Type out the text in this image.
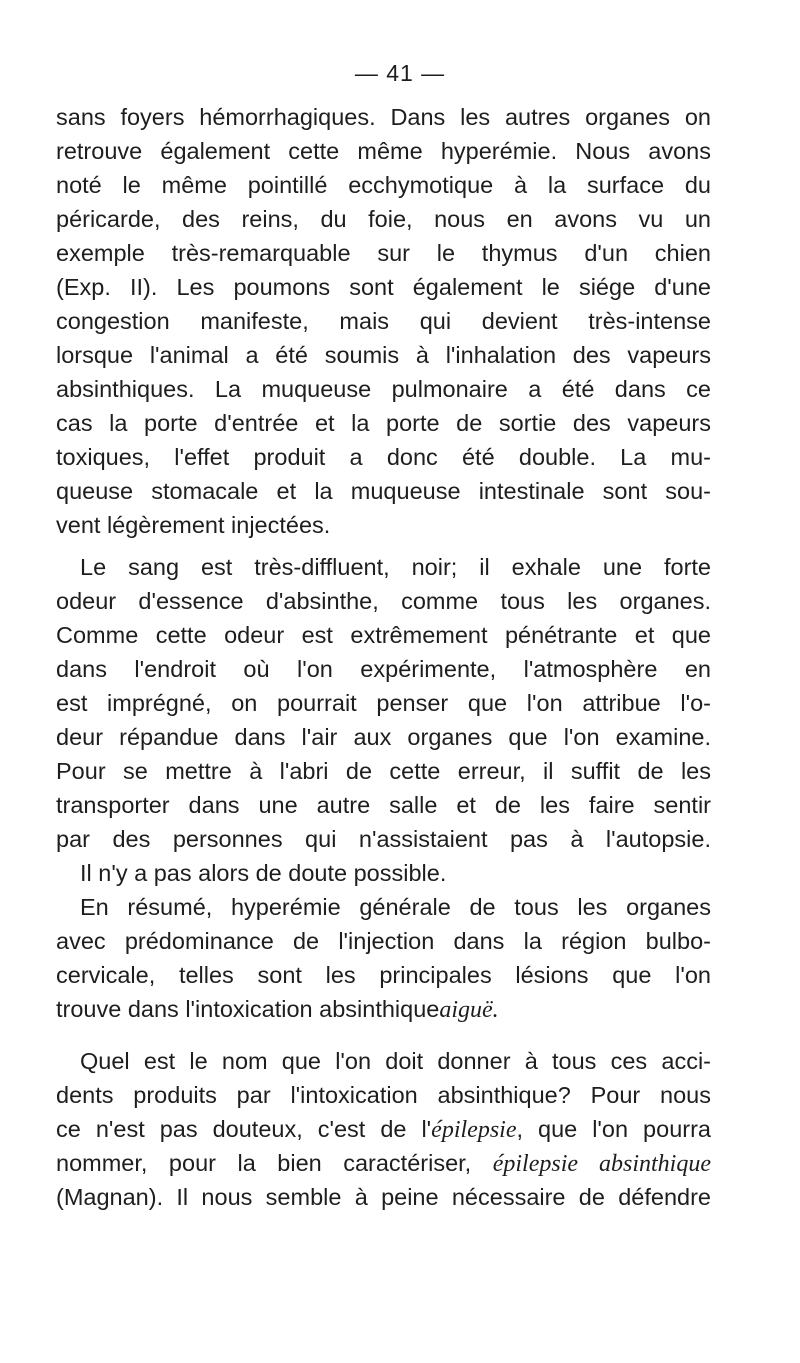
— 41 —
sans foyers hémorrhagiques. Dans les autres organes on
retrouve également cette même hyperémie. Nous avons
noté le même pointillé ecchymotique à la surface du
péricarde, des reins, du foie, nous en avons vu un
exemple très-remarquable sur le thymus d'un chien
(Exp. II). Les poumons sont également le siége d'une
congestion manifeste, mais qui devient très-intense
lorsque l'animal a été soumis à l'inhalation des vapeurs
absinthiques. La muqueuse pulmonaire a été dans ce
cas la porte d'entrée et la porte de sortie des vapeurs
toxiques, l'effet produit a donc été double. La mu-
queuse stomacale et la muqueuse intestinale sont sou-
vent légèrement injectées.
Le sang est très-diffluent, noir; il exhale une forte
odeur d'essence d'absinthe, comme tous les organes.
Comme cette odeur est extrêmement pénétrante et que
dans l'endroit où l'on expérimente, l'atmosphère en
est imprégné, on pourrait penser que l'on attribue l'o-
deur répandue dans l'air aux organes que l'on examine.
Pour se mettre à l'abri de cette erreur, il suffit de les
transporter dans une autre salle et de les faire sentir
par des personnes qui n'assistaient pas à l'autopsie.
Il n'y a pas alors de doute possible.
En résumé, hyperémie générale de tous les organes
avec prédominance de l'injection dans la région bulbo-
cervicale, telles sont les principales lésions que l'on
trouve dans l'intoxication absinthiqueaiguë.
Quel est le nom que l'on doit donner à tous ces acci-
dents produits par l'intoxication absinthique? Pour nous
ce n'est pas douteux, c'est de l'épilepsie, que l'on pourra
nommer, pour la bien caractériser, épilepsie absinthique
(Magnan). Il nous semble à peine nécessaire de défendre
